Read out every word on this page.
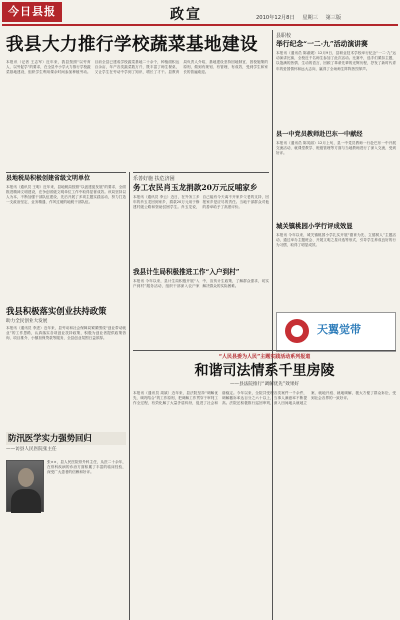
今日县报	政宣	2010年12月8日 星期三 第三版
我县大力推行学校蔬菜基地建设
本报讯（记者 王志军）近年来，我县按照“以劳育人、以劳促学”的要求，在全县中小学大力推行学校蔬菜基地建设，组织学生利用课余时间参加种植劳动。目前全县已建成学校蔬菜基地二十余个，种植面积达百余亩，年产各类蔬菜数万斤，既丰富了师生餐桌，又让学生在劳动中学到了知识、增长了才干。县教育局负责人介绍，基地建设坚持因地制宜、因校施策的原则，做到有规划、有管理、有成效，受到学生和家长的普遍欢迎。
县职校
举行纪念“一二·九”活动演讲赛
本报讯（通讯员 陈淑媛）12月9日，县职业技术学校举行纪念“一二·九”运动演讲比赛，全校近千名师生参加了此次活动。比赛中，选手们紧扣主题，以饱满的热情、生动的语言，回顾了革命先辈的光辉历程，抒发了新时代青年的爱国情怀和远大志向，赢得了全场师生阵阵热烈掌声。
县一中党员教师赴巴东一中献经
本报讯（通讯员 陈英丽）12月上旬，县一中党员教师一行赴巴东一中开展交流活动，就课堂教学、班级管理等方面与当地教师进行了深入交流，受到好评。
城关镇桃园小学行评成效显
本报讯 今年以来，城关镇桃园小学扎实开展“德育为先、立德树人”主题活动，通过举办主题班会、开展文明之星评选等形式，引导学生养成良好的行为习惯，取得了明显成效。
天翼觉带
县地税局积极创建省级文明单位
本报讯（通讯员 王明）近年来，县地税局按照“以创建促发展”的要求，全面推进精神文明建设，在争创省级文明单位工作中取得显著成效。该局坚持以人为本，不断加强干部队伍建设，先后开展了多项主题实践活动，努力打造一支政治坚定、业务精通、作风过硬的地税干部队伍。
我县积极落实创业扶持政策
助力全民创业大发展
本报讯（通讯员 李进）近年来，县劳动和社会保障局紧紧围绕“创业带动就业”的工作思路，认真落实各项创业扶持政策，积极为创业者提供政策咨询、项目推介、小额担保贷款等服务，全县创业氛围日益浓厚。
防汛医学实力强势回归
——访县人民医院张主任
张××，县人民医院骨外科主任，从医二十余年，在骨科疾病的诊治方面积累了丰富的临床经验，深受广大患者的信赖和好评。
乐善好施 扶危济困
务工农民肖玉龙捐款20万元反哺家乡
本报讯（通讯员 李云）近日，在外务工多年的肖玉龙回到家乡，捐款20万元用于修建村级公路和资助贫困学生。肖玉龙说，自己能有今天离不开家乡父老的支持，回报家乡是应尽的责任。当地干部群众对他的善举给予了高度评价。
我县计生局积极推进工作“入户到村”
本报讯 今年以来，县计生局积极开展“入户到村”服务活动，组织干部深入农户家中，宣传计生政策，了解群众需求，切实解决群众的实际困难。
“人民县委为人民”主题实践活动系列报道
和谐司法情系千里房陵
——县法院推行“调解优先”效果好
本报讯（通讯员 周斌）近年来，县法院坚持“调解优先、调判结合”的工作原则，把调解工作贯穿于审判工作全过程，有效化解了大量矛盾纠纷，促进了社会和谐稳定。今年以来，全院共受理各类案件一千余件，调解撤诉率达百分之六十以上，当事人满意率不断提高。法院还积极推行巡回审判，深入田间地头就地立案、就地开庭、就地调解，极大方便了群众诉讼，受到社会各界的一致好评。
